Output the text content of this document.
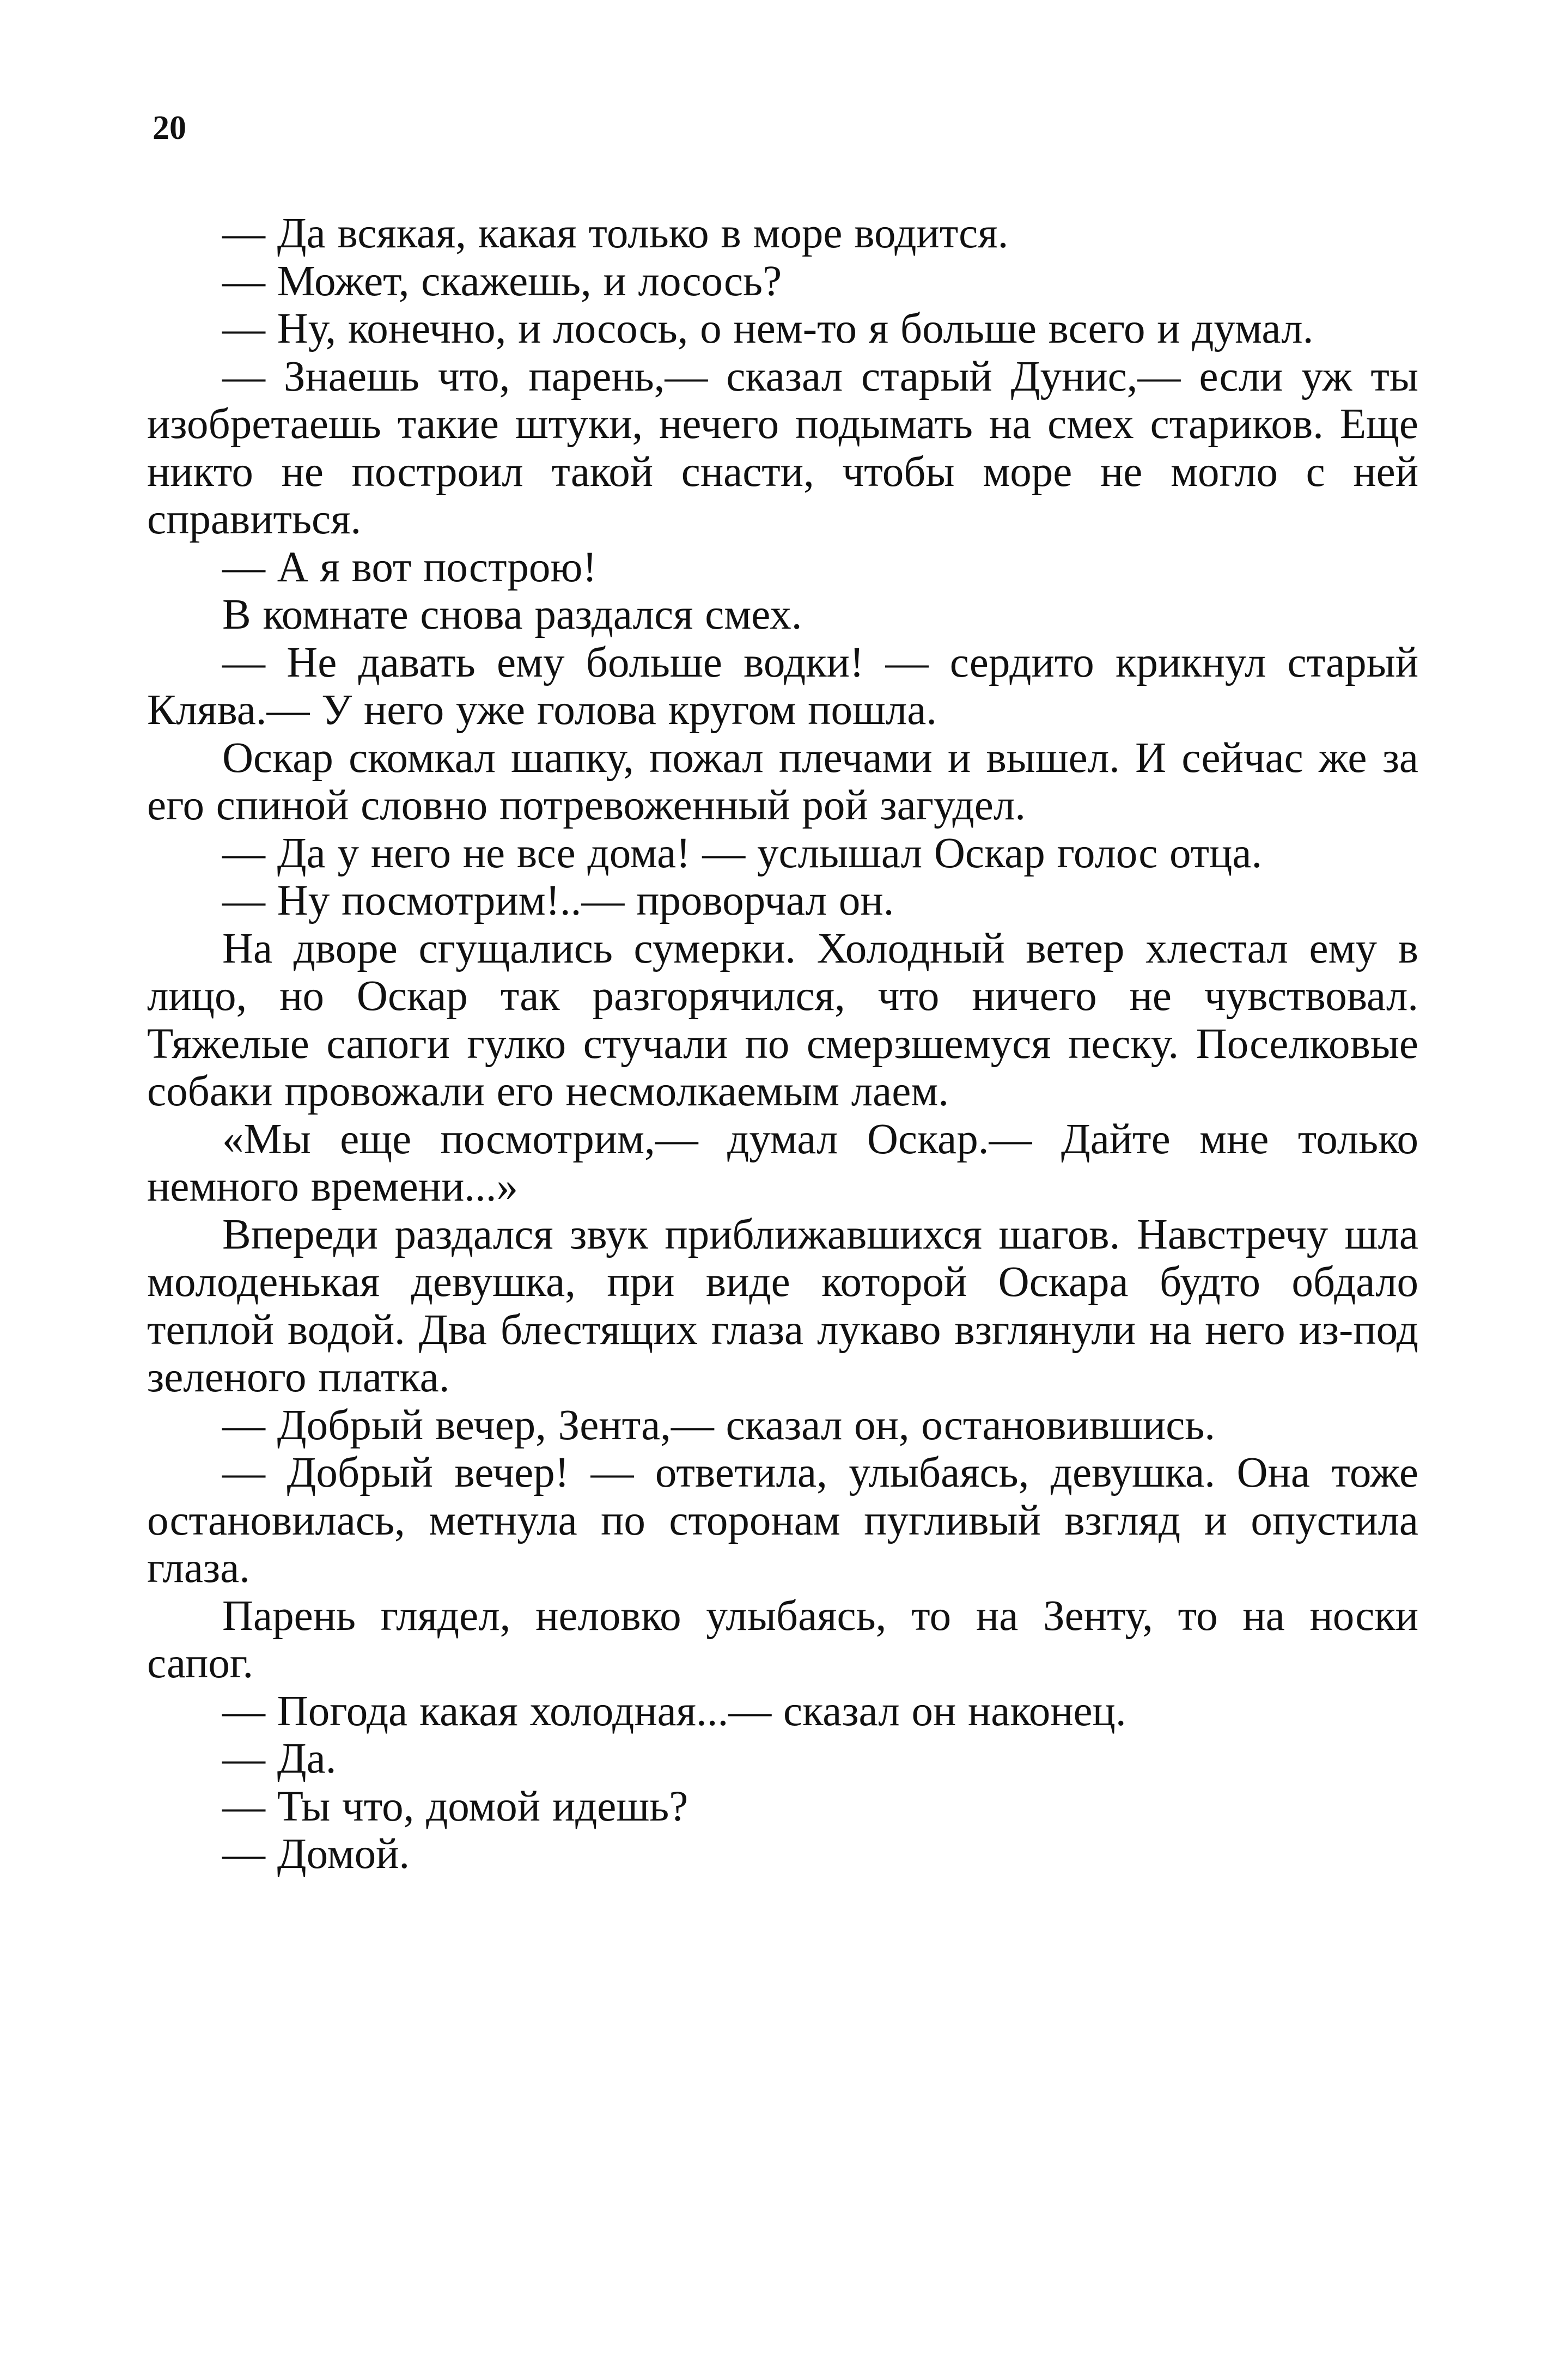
20

— Да всякая, какая только в море водится.

— Может, скажешь, и лосось?

— Ну, конечно, и лосось, о нем-то я больше всего и думал.

— Знаешь что, парень,— сказал старый Дунис,— если уж ты изобретаешь такие штуки, нечего подымать на смех стариков. Еще никто не построил такой снасти, чтобы море не могло с ней справиться.

— А я вот построю!

В комнате снова раздался смех.

— Не давать ему больше водки! — сердито крикнул старый Клява.— У него уже голова кругом пошла.

Оскар скомкал шапку, пожал плечами и вышел. И сейчас же за его спиной словно потревоженный рой загудел.

— Да у него не все дома! — услышал Оскар голос отца.

— Ну посмотрим!..— проворчал он.

На дворе сгущались сумерки. Холодный ветер хлестал ему в лицо, но Оскар так разгорячился, что ничего не чувствовал. Тяжелые сапоги гулко стучали по смерзшемуся песку. Поселковые собаки провожали его несмолкаемым лаем.

«Мы еще посмотрим,— думал Оскар.— Дайте мне только немного времени...»

Впереди раздался звук приближавшихся шагов. Навстречу шла молоденькая девушка, при виде которой Оскара будто обдало теплой водой. Два блестящих глаза лукаво взглянули на него из-под зеленого платка.

— Добрый вечер, Зента,— сказал он, остановившись.

— Добрый вечер! — ответила, улыбаясь, девушка. Она тоже остановилась, метнула по сторонам пугливый взгляд и опустила глаза.

Парень глядел, неловко улыбаясь, то на Зенту, то на носки сапог.

— Погода какая холодная...— сказал он наконец.

— Да.

— Ты что, домой идешь?

— Домой.
